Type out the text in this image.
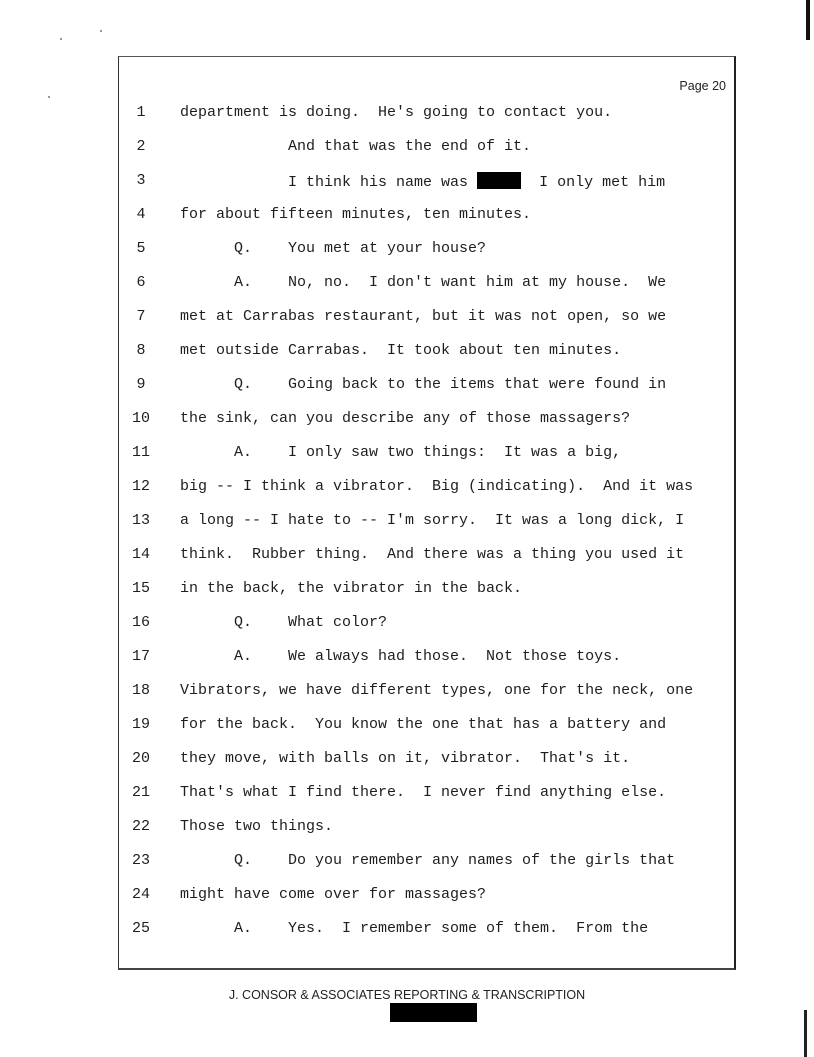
Page 20
1	department is doing.  He's going to contact you.
2	And that was the end of it.
3	I think his name was	I only met him
4	for about fifteen minutes, ten minutes.
5	Q.    You met at your house?
6	A.    No, no.  I don't want him at my house.  We
7	met at Carrabas restaurant, but it was not open, so we
8	met outside Carrabas.  It took about ten minutes.
9	Q.    Going back to the items that were found in
10 the sink, can you describe any of those massagers?
11 A.    I only saw two things:  It was a big,
12 big -- I think a vibrator.  Big (indicating).  And it was
13 a long -- I hate to -- I'm sorry.  It was a long dick, I
14 think.  Rubber thing.  And there was a thing you used it
15 in the back, the vibrator in the back.
16 Q.    What color?
17 A.    We always had those.  Not those toys.
18 Vibrators, we have different types, one for the neck, one
19 for the back.  You know the one that has a battery and
20 they move, with balls on it, vibrator.  That's it.
21 That's what I find there.  I never find anything else.
22 Those two things.
23 Q.    Do you remember any names of the girls that
24 might have come over for massages?
25 A.    Yes.  I remember some of them.  From the
J. CONSOR & ASSOCIATES REPORTING & TRANSCRIPTION
